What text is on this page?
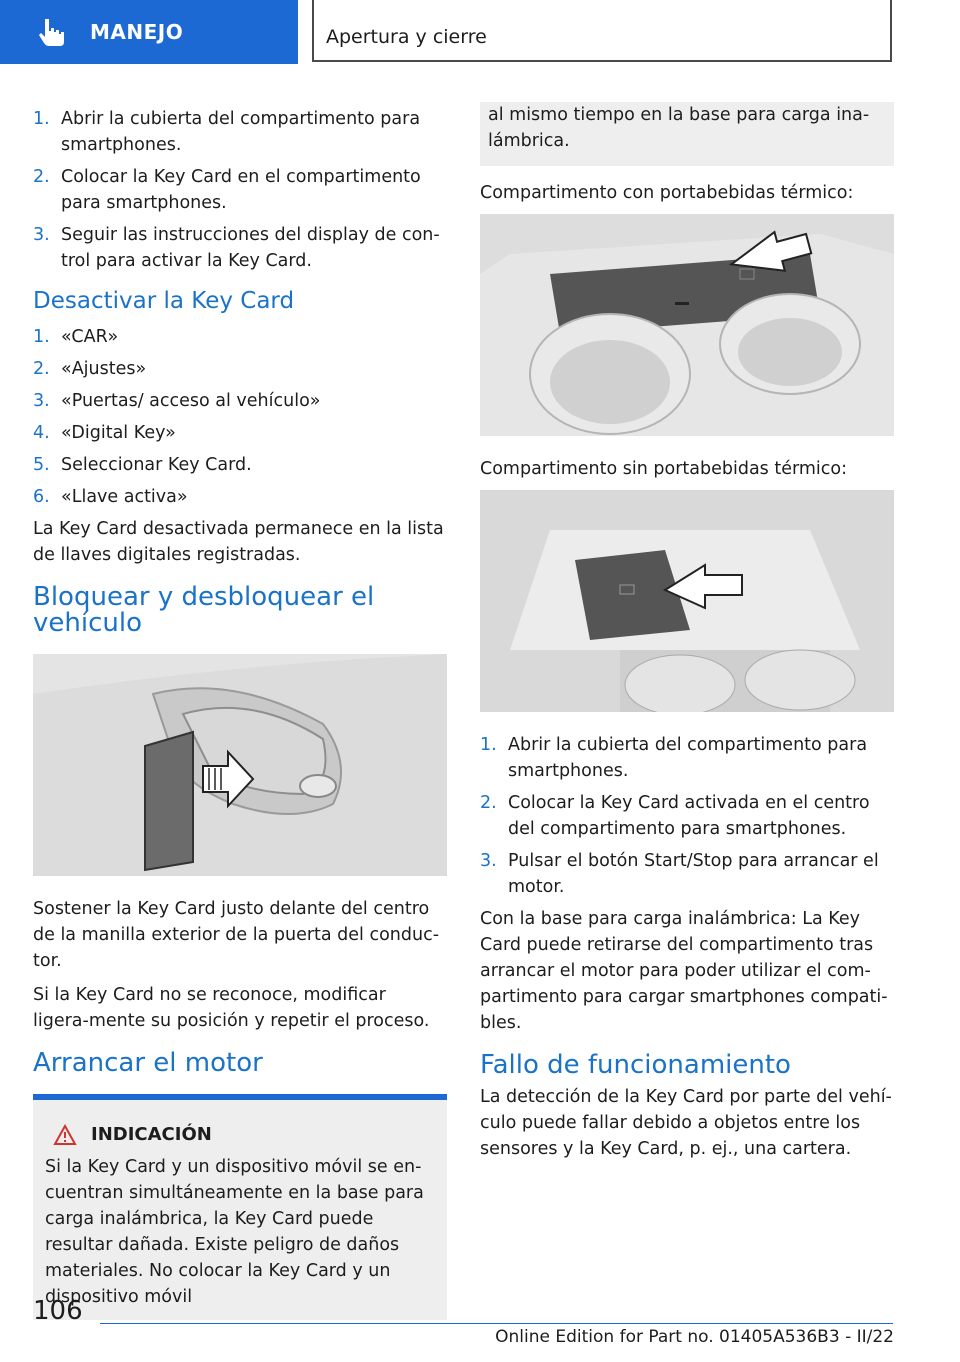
MANEJO	Apertura y cierre
1. Abrir la cubierta del compartimento para smartphones.
2. Colocar la Key Card en el compartimento para smartphones.
3. Seguir las instrucciones del display de con‐trol para activar la Key Card.
Desactivar la Key Card
1. «CAR»
2. «Ajustes»
3. «Puertas/ acceso al vehículo»
4. «Digital Key»
5. Seleccionar Key Card.
6. «Llave activa»

La Key Card desactivada permanece en la lista de llaves digitales registradas.

Bloquear y desbloquear el vehículo

Sostener la Key Card justo delante del centro de la manilla exterior de la puerta del conduc‐tor.

Si la Key Card no se reconoce, modificar ligera‐mente su posición y repetir el proceso.

Arrancar el motor
INDICACIÓN
Si la Key Card y un dispositivo móvil se en‐cuentran simultáneamente en la base para carga inalámbrica, la Key Card puede resultar dañada. Existe peligro de daños materiales. No colocar la Key Card y un dispositivo móvil
al mismo tiempo en la base para carga ina‐lámbrica.

Compartimento con portabebidas térmico:

Compartimento sin portabebidas térmico:

1. Abrir la cubierta del compartimento para smartphones.
2. Colocar la Key Card activada en el centro del compartimento para smartphones.
3. Pulsar el botón Start/Stop para arrancar el motor.

Con la base para carga inalámbrica: La Key Card puede retirarse del compartimento tras arrancar el motor para poder utilizar el com‐partimento para cargar smartphones compati‐bles.

Fallo de funcionamiento

La detección de la Key Card por parte del vehí‐culo puede fallar debido a objetos entre los sensores y la Key Card, p. ej., una cartera.

106
Online Edition for Part no. 01405A536B3 - II/22
